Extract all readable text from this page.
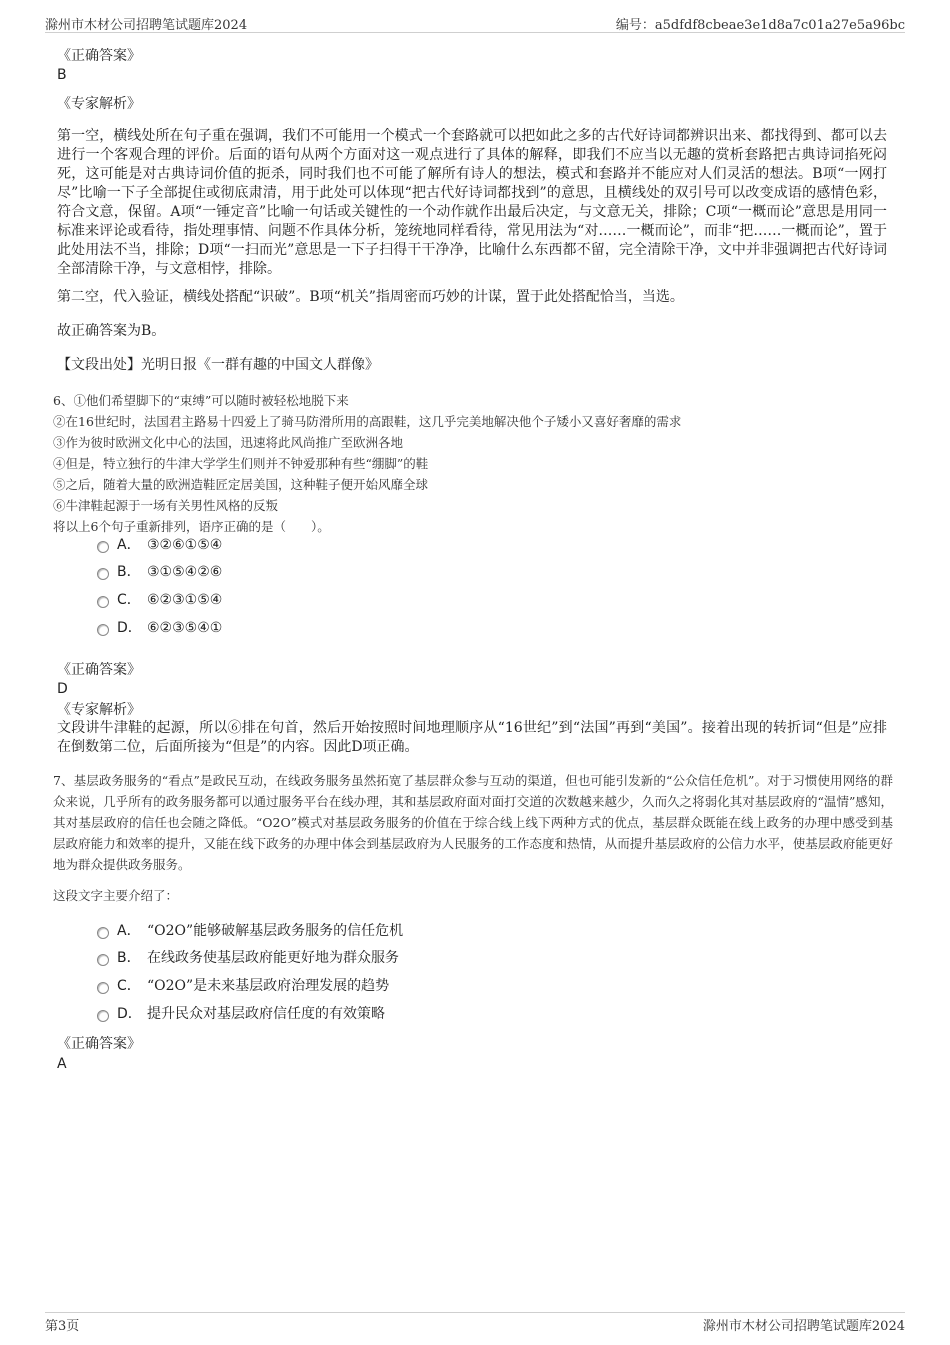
滁州市木材公司招聘笔试题库2024	编号：a5dfdf8cbeae3e1d8a7c01a27e5a96bc
《正确答案》
B
《专家解析》
第一空，横线处所在句子重在强调，我们不可能用一个模式一个套路就可以把如此之多的古代好诗词都辨识出来、都找得到、都可以去进行一个客观合理的评价。后面的语句从两个方面对这一观点进行了具体的解释，即我们不应当以无趣的赏析套路把古典诗词掐死闷死，这可能是对古典诗词价值的扼杀，同时我们也不可能了解所有诗人的想法，模式和套路并不能应对人们灵活的想法。B项“一网打尽”比喻一下子全部捉住或彻底肃清，用于此处可以体现“把古代好诗词都找到”的意思，且横线处的双引号可以改变成语的感情色彩，符合文意，保留。A项“一锤定音”比喻一句话或关键性的一个动作就作出最后决定，与文意无关，排除；C项“一概而论”意思是用同一标准来评论或看待，指处理事情、问题不作具体分析，笼统地同样看待，常见用法为“对……一概而论”，而非“把……一概而论”，置于此处用法不当，排除；D项“一扫而光”意思是一下子扫得干干净净，比喻什么东西都不留，完全清除干净，文中并非强调把古代好诗词全部清除干净，与文意相悖，排除。
第二空，代入验证，横线处搭配“识破”。B项“机关”指周密而巧妙的计谋，置于此处搭配恰当，当选。
故正确答案为B。
【文段出处】光明日报《一群有趣的中国文人群像》
6、①他们希望脚下的“束缚”可以随时被轻松地脱下来
②在16世纪时，法国君主路易十四爱上了骑马防滑所用的高跟鞋，这几乎完美地解决他个子矮小又喜好奢靡的需求
③作为彼时欧洲文化中心的法国，迅速将此风尚推广至欧洲各地
④但是，特立独行的牛津大学学生们则并不钟爱那种有些“绷脚”的鞋
⑤之后，随着大量的欧洲造鞋匠定居美国，这种鞋子便开始风靡全球
⑥牛津鞋起源于一场有关男性风格的反叛
将以上6个句子重新排列，语序正确的是（　　）。
A． ③②⑥①⑤④
B． ③①⑤④②⑥
C． ⑥②③①⑤④
D． ⑥②③⑤④①
《正确答案》
D
《专家解析》
文段讲牛津鞋的起源，所以⑥排在句首，然后开始按照时间地理顺序从“16世纪”到“法国”再到“美国”。接着出现的转折词“但是”应排在倒数第二位，后面所接为“但是”的内容。因此D项正确。
7、基层政务服务的“看点”是政民互动，在线政务服务虽然拓宽了基层群众参与互动的渠道，但也可能引发新的“公众信任危机”。对于习惯使用网络的群众来说，几乎所有的政务服务都可以通过服务平台在线办理，其和基层政府面对面打交道的次数越来越少，久而久之将弱化其对基层政府的“温情”感知，其对基层政府的信任也会随之降低。“O2O”模式对基层政务服务的价值在于综合线上线下两种方式的优点，基层群众既能在线上政务的办理中感受到基层政府能力和效率的提升，又能在线下政务的办理中体会到基层政府为人民服务的工作态度和热情，从而提升基层政府的公信力水平，使基层政府能更好地为群众提供政务服务。
这段文字主要介绍了：
A． “O2O”能够破解基层政务服务的信任危机
B． 在线政务使基层政府能更好地为群众服务
C． “O2O”是未来基层政府治理发展的趋势
D． 提升民众对基层政府信任度的有效策略
《正确答案》
A
第3页	滁州市木材公司招聘笔试题库2024
